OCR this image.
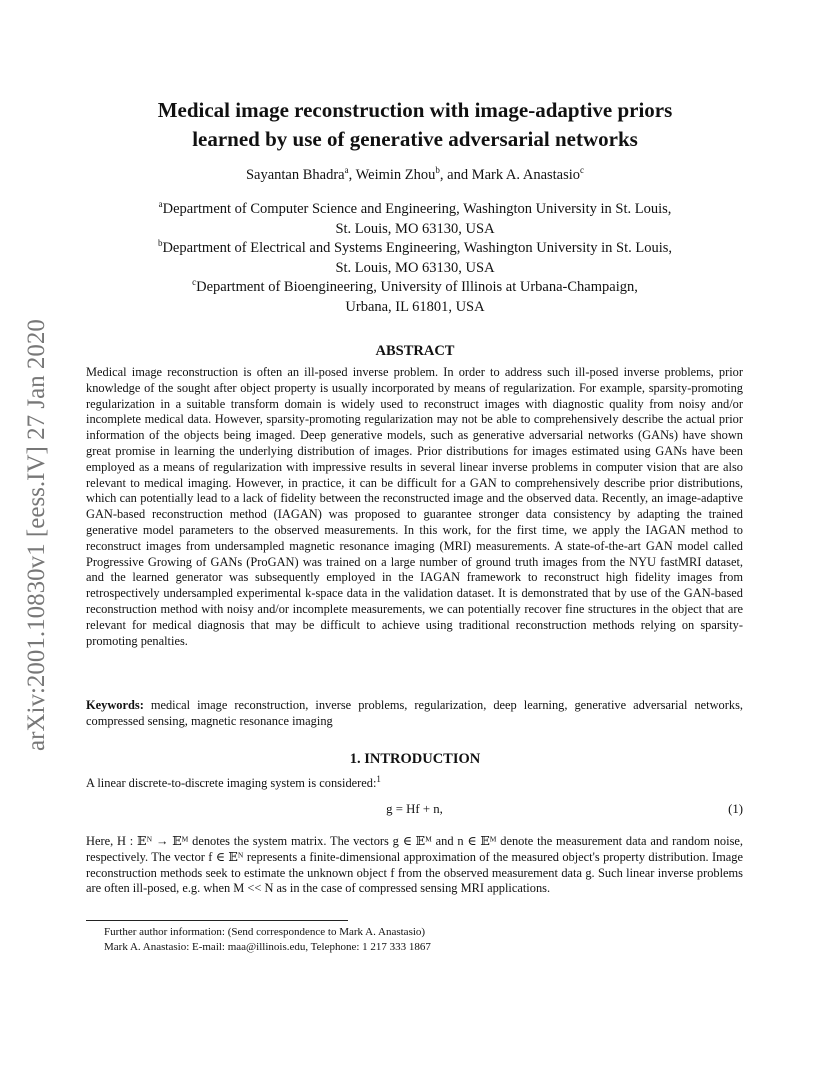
arXiv:2001.10830v1 [eess.IV] 27 Jan 2020
Medical image reconstruction with image-adaptive priors
learned by use of generative adversarial networks
Sayantan Bhadra$^a$, Weimin Zhou$^b$, and Mark A. Anastasio$^c$
$^a$Department of Computer Science and Engineering, Washington University in St. Louis,
St. Louis, MO 63130, USA
$^b$Department of Electrical and Systems Engineering, Washington University in St. Louis,
St. Louis, MO 63130, USA
$^c$Department of Bioengineering, University of Illinois at Urbana-Champaign,
Urbana, IL 61801, USA
ABSTRACT
Medical image reconstruction is often an ill-posed inverse problem. In order to address such ill-posed inverse problems, prior knowledge of the sought after object property is usually incorporated by means of regularization. For example, sparsity-promoting regularization in a suitable transform domain is widely used to reconstruct images with diagnostic quality from noisy and/or incomplete medical data. However, sparsity-promoting regularization may not be able to comprehensively describe the actual prior information of the objects being imaged. Deep generative models, such as generative adversarial networks (GANs) have shown great promise in learning the underlying distribution of images. Prior distributions for images estimated using GANs have been employed as a means of regularization with impressive results in several linear inverse problems in computer vision that are also relevant to medical imaging. However, in practice, it can be difficult for a GAN to comprehensively describe prior distributions, which can potentially lead to a lack of fidelity between the reconstructed image and the observed data. Recently, an image-adaptive GAN-based reconstruction method (IAGAN) was proposed to guarantee stronger data consistency by adapting the trained generative model parameters to the observed measurements. In this work, for the first time, we apply the IAGAN method to reconstruct images from undersampled magnetic resonance imaging (MRI) measurements. A state-of-the-art GAN model called Progressive Growing of GANs (ProGAN) was trained on a large number of ground truth images from the NYU fastMRI dataset, and the learned generator was subsequently employed in the IAGAN framework to reconstruct high fidelity images from retrospectively undersampled experimental k-space data in the validation dataset. It is demonstrated that by use of the GAN-based reconstruction method with noisy and/or incomplete measurements, we can potentially recover fine structures in the object that are relevant for medical diagnosis that may be difficult to achieve using traditional reconstruction methods relying on sparsity-promoting penalties.
Keywords: medical image reconstruction, inverse problems, regularization, deep learning, generative adversarial networks, compressed sensing, magnetic resonance imaging
1. INTRODUCTION
A linear discrete-to-discrete imaging system is considered:$^1$
g = Hf + n,	(1)
Here, H : 𝔼ᴺ → 𝔼ᴹ denotes the system matrix. The vectors g ∈ 𝔼ᴹ and n ∈ 𝔼ᴹ denote the measurement data and random noise, respectively. The vector f ∈ 𝔼ᴺ represents a finite-dimensional approximation of the measured object's property distribution. Image reconstruction methods seek to estimate the unknown object f from the observed measurement data g. Such linear inverse problems are often ill-posed, e.g. when M << N as in the case of compressed sensing MRI applications.
Further author information: (Send correspondence to Mark A. Anastasio)
Mark A. Anastasio: E-mail: maa@illinois.edu, Telephone: 1 217 333 1867
